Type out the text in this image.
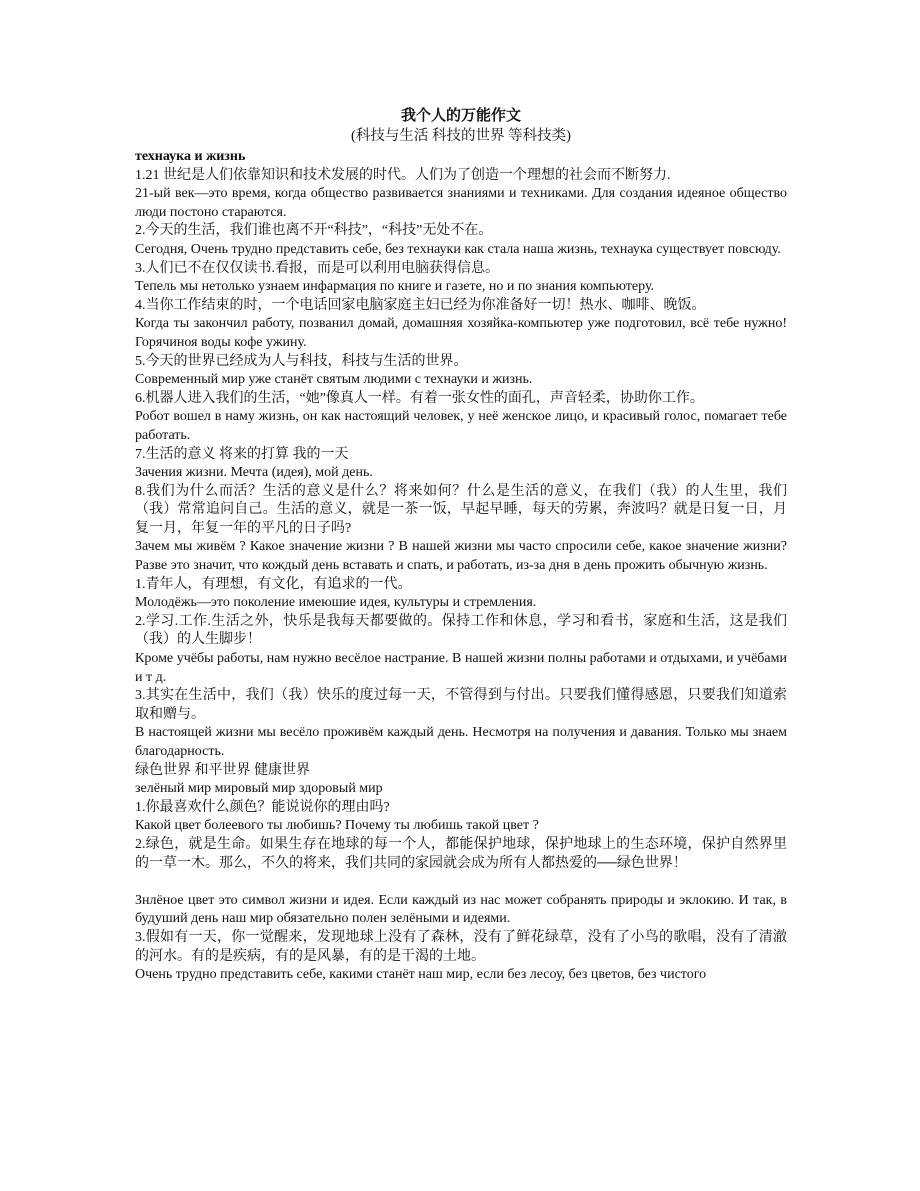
我个人的万能作文

(科技与生活 科技的世界 等科技类)

технаука и жизнь

1.21 世纪是人们依靠知识和技术发展的时代。人们为了创造一个理想的社会而不断努力.

21-ый век—это время, когда общество развивается знаниями и техниками. Для создания идеяное общество люди постоно стараются.

2.今天的生活，我们谁也离不开“科技”，“科技”无处不在。

Сегодня, Очень трудно представить себе, без технауки как стала наша жизнь, технаука существует повсюду.

3.人们已不在仅仅读书.看报，而是可以利用电脑获得信息。

Тепель мы нетолько узнаем инфармация по книге и газете, но и по знания компьютеру.

4.当你工作结束的时，一个电话回家电脑家庭主妇已经为你准备好一切！热水、咖啡、晚饭。

Когда ты закончил работу, позванил домай, домашняя хозяйка-компьютер уже подготовил, всё тебе нужно! Горячиноя воды кофе ужину.

5.今天的世界已经成为人与科技，科技与生活的世界。

Современный мир уже станёт святым людими с технауки и жизнь.

6.机器人进入我们的生活，“她”像真人一样。有着一张女性的面孔，声音轻柔，协助你工作。

Робот вошел в наму жизнь, он как настоящий человек, у неё женское лицо, и красивый голос, помагает тебе работать.

7.生活的意义 将来的打算 我的一天

Зачения жизни. Мечта (идея), мой день.

8.我们为什么而活？生活的意义是什么？将来如何？什么是生活的意义，在我们（我）的人生里，我们（我）常常追问自己。生活的意义，就是一茶一饭，早起早睡，每天的劳累，奔波吗？就是日复一日，月复一月，年复一年的平凡的日子吗?

Зачем мы живём ? Какое значение жизни ? В нашей жизни мы часто спросили себе, какое значение жизни? Разве это значит, что кождый день вставать и спать, и работать, из-за дня в день прожить обычную жизнь.

1.青年人，有理想，有文化，有追求的一代。

Молодёжь—это поколение имеюшие идея, культуры и стремления.

2.学习.工作.生活之外，快乐是我每天都要做的。保持工作和休息，学习和看书，家庭和生活，这是我们（我）的人生脚步！

Кроме учёбы работы, нам нужно весёлое настрание. В нашей жизни полны работами и отдыхами, и учёбами и т д.

3.其实在生活中，我们（我）快乐的度过每一天，不管得到与付出。只要我们懂得感恩，只要我们知道索取和赠与。

В настоящей жизни мы весёло проживём каждый день. Несмотря на получения и давания. Только мы знаем благодарность.

绿色世界 和平世界 健康世界

зелёный мир мировый мир здоровый мир

1.你最喜欢什么颜色？能说说你的理由吗?

Какой цвет болеевого ты любишь? Почему ты любишь такой цвет ?

2.绿色，就是生命。如果生存在地球的每一个人，都能保护地球，保护地球上的生态环境，保护自然界里的一草一木。那么，不久的将来，我们共同的家园就会成为所有人都热爱的──绿色世界！

Знлёное цвет это символ жизни и идея. Если каждый из нас может собранять природы и эклокию. И так, в будуший день наш мир обязательно полен зелёными и идеями.

3.假如有一天，你一觉醒来，发现地球上没有了森林，没有了鲜花绿草，没有了小鸟的歌唱，没有了清澈的河水。有的是疾病，有的是风暴，有的是干渴的土地。

Очень трудно представить себе, какими станёт наш мир, если без лесоу, без цветов, без чистого
